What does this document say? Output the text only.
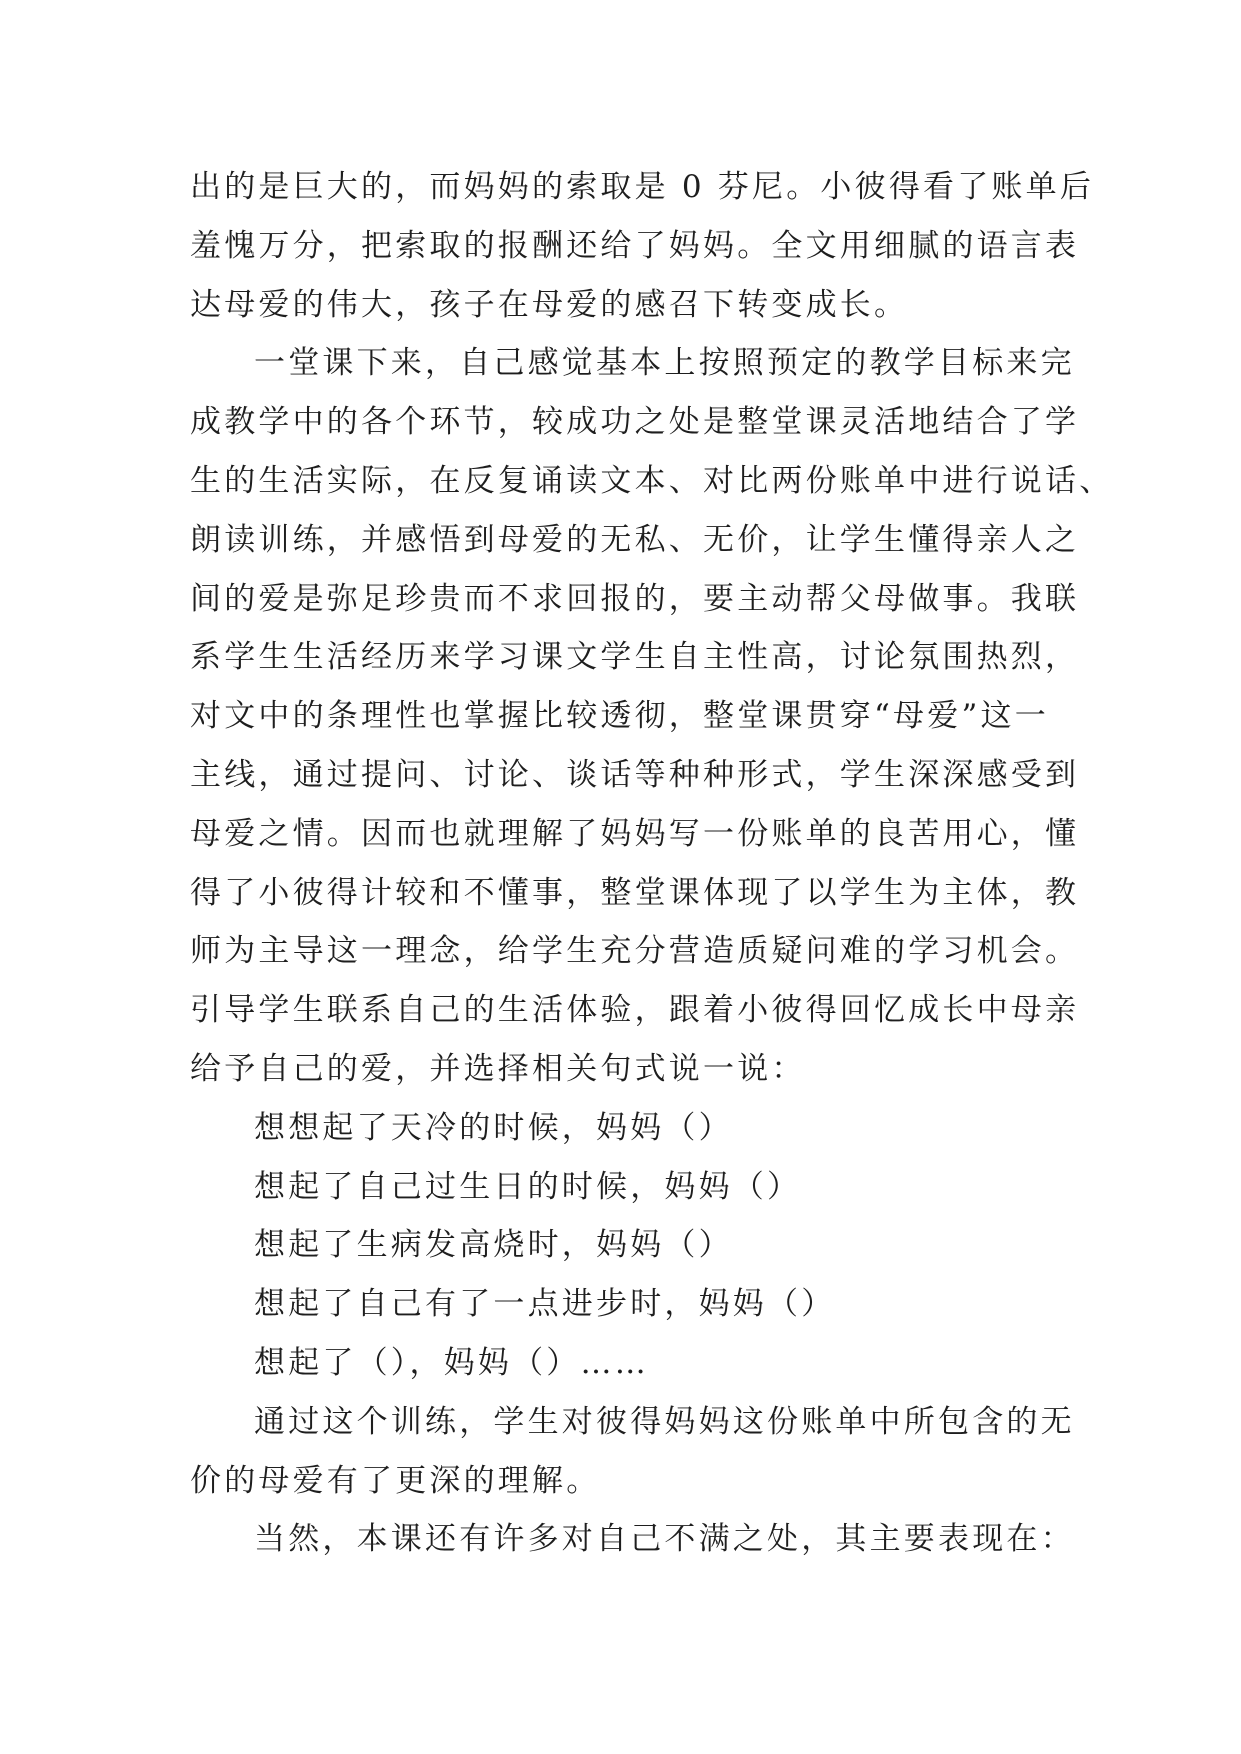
出的是巨大的，而妈妈的索取是 0 芬尼。小彼得看了账单后
羞愧万分，把索取的报酬还给了妈妈。全文用细腻的语言表
达母爱的伟大，孩子在母爱的感召下转变成长。
一堂课下来，自己感觉基本上按照预定的教学目标来完
成教学中的各个环节，较成功之处是整堂课灵活地结合了学
生的生活实际，在反复诵读文本、对比两份账单中进行说话、
朗读训练，并感悟到母爱的无私、无价，让学生懂得亲人之
间的爱是弥足珍贵而不求回报的，要主动帮父母做事。我联
系学生生活经历来学习课文学生自主性高，讨论氛围热烈，
对文中的条理性也掌握比较透彻，整堂课贯穿“母爱”这一
主线，通过提问、讨论、谈话等种种形式，学生深深感受到
母爱之情。因而也就理解了妈妈写一份账单的良苦用心，懂
得了小彼得计较和不懂事，整堂课体现了以学生为主体，教
师为主导这一理念，给学生充分营造质疑问难的学习机会。
引导学生联系自己的生活体验，跟着小彼得回忆成长中母亲
给予自己的爱，并选择相关句式说一说：
想想起了天冷的时候，妈妈（）
想起了自己过生日的时候，妈妈（）
想起了生病发高烧时，妈妈（）
想起了自己有了一点进步时，妈妈（）
想起了（），妈妈（）……
通过这个训练，学生对彼得妈妈这份账单中所包含的无
价的母爱有了更深的理解。
当然，本课还有许多对自己不满之处，其主要表现在：
